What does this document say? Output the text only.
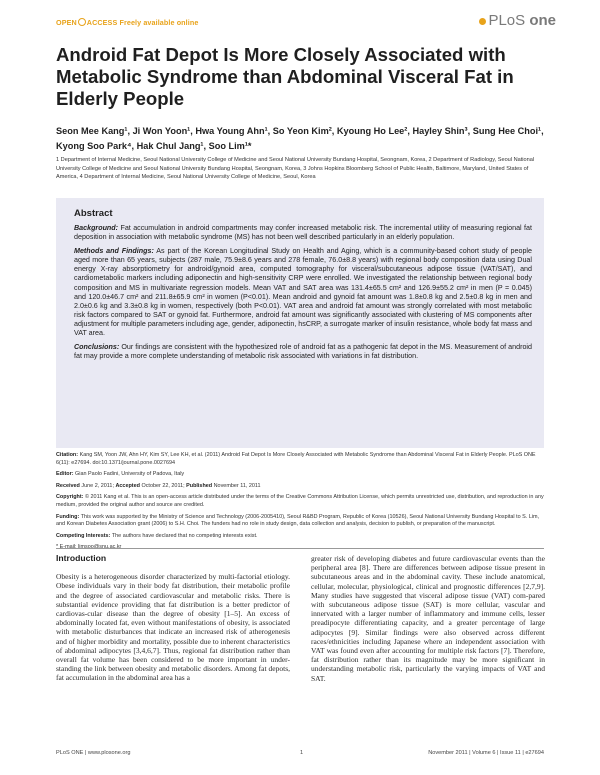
OPEN ACCESS Freely available online	PLoS one
Android Fat Depot Is More Closely Associated with Metabolic Syndrome than Abdominal Visceral Fat in Elderly People
Seon Mee Kang¹, Ji Won Yoon¹, Hwa Young Ahn¹, So Yeon Kim², Kyoung Ho Lee², Hayley Shin³, Sung Hee Choi¹, Kyong Soo Park⁴, Hak Chul Jang¹, Soo Lim¹*
1 Department of Internal Medicine, Seoul National University College of Medicine and Seoul National University Bundang Hospital, Seongnam, Korea, 2 Department of Radiology, Seoul National University College of Medicine and Seoul National University Bundang Hospital, Seongnam, Korea, 3 Johns Hopkins Bloomberg School of Public Health, Baltimore, Maryland, United States of America, 4 Department of Internal Medicine, Seoul National University College of Medicine, Seoul, Korea
Abstract

Background: Fat accumulation in android compartments may confer increased metabolic risk. The incremental utility of measuring regional fat deposition in association with metabolic syndrome (MS) has not been well described particularly in an elderly population.

Methods and Findings: As part of the Korean Longitudinal Study on Health and Aging, which is a community-based cohort study of people aged more than 65 years, subjects (287 male, 75.9±8.6 years and 278 female, 76.0±8.8 years) with regional body composition data using Dual energy X-ray absorptiometry for android/gynoid area, computed tomography for visceral/subcutaneous adipose tissue (VAT/SAT), and cardiometabolic markers including adiponectin and high-sensitivity CRP were enrolled. We investigated the relationship between regional body composition and MS in multivariate regression models. Mean VAT and SAT area was 131.4±65.5 cm² and 126.9±55.2 cm² in men (P = 0.045) and 120.0±46.7 cm² and 211.8±65.9 cm² in women (P<0.01). Mean android and gynoid fat amount was 1.8±0.8 kg and 2.5±0.8 kg in men and 2.0±0.6 kg and 3.3±0.8 kg in women, respectively (both P<0.01). VAT area and android fat amount was strongly correlated with most metabolic risk factors compared to SAT or gynoid fat. Furthermore, android fat amount was significantly associated with clustering of MS components after adjustment for multiple parameters including age, gender, adiponectin, hsCRP, a surrogate marker of insulin resistance, whole body fat mass and VAT area.

Conclusions: Our findings are consistent with the hypothesized role of android fat as a pathogenic fat depot in the MS. Measurement of android fat may provide a more complete understanding of metabolic risk associated with variations in fat distribution.

Citation: Kang SM, Yoon JW, Ahn HY, Kim SY, Lee KH, et al. (2011) Android Fat Depot Is More Closely Associated with Metabolic Syndrome than Abdominal Visceral Fat in Elderly People. PLoS ONE 6(11): e27694. doi:10.1371/journal.pone.0027694

Editor: Gian Paolo Fadini, University of Padova, Italy

Received June 2, 2011; Accepted October 22, 2011; Published November 11, 2011

Copyright: © 2011 Kang et al. This is an open-access article distributed under the terms of the Creative Commons Attribution License, which permits unrestricted use, distribution, and reproduction in any medium, provided the original author and source are credited.

Funding: This work was supported by the Ministry of Science and Technology (2006-2005410), Seoul R&BD Program, Republic of Korea (10526), Seoul National University Bundang Hospital to S. Lim, and Korean Diabetes Association grant (2006) to S.H. Choi. The funders had no role in study design, data collection and analysis, decision to publish, or preparation of the manuscript.

Competing Interests: The authors have declared that no competing interests exist.

Introduction

Obesity is a heterogeneous disorder characterized by multi-factorial etiology. Obese individuals vary in their body fat distribution, their metabolic profile and the degree of associated cardiovascular and metabolic risks. There is substantial evidence providing that fat distribution is a better predictor of cardiovas-cular disease than the degree of obesity [1–5]. An excess of abdominally located fat, even without manifestations of obesity, is associated with metabolic disturbances that indicate an increased risk of atherogenesis and of higher morbidity and mortality, possible due to inherent characteristics of abdominal adipocytes [3,4,6,7]. Thus, regional fat distribution rather than overall fat volume has been considered to be more important in under-standing the link between obesity and metabolic disorders. Among fat depots, fat accumulation in the abdominal area has a

greater risk of developing diabetes and future cardiovascular events than the peripheral area [8]. There are differences between adipose tissue present in subcutaneous areas and in the abdominal cavity. These include anatomical, cellular, molecular, physiological, clinical and prognostic differences [2,7,9]. Many studies have suggested that visceral adipose tissue (VAT) com-pared with subcutaneous adipose tissue (SAT) is more cellular, vascular and innervated with a larger number of inflammatory and immune cells, lesser preadipocyte differentiating capacity, and a greater percentage of large adipocytes [9]. Similar findings were also observed across different races/ethnicities including Japanese where an independent association with VAT was found even after accounting for multiple risk factors [7]. Therefore, fat distribution rather than its magnitude may be more significant in understanding metabolic risk, particularly the varying impacts of VAT and SAT.

PLoS ONE | www.plosone.org	1	November 2011 | Volume 6 | Issue 11 | e27694
